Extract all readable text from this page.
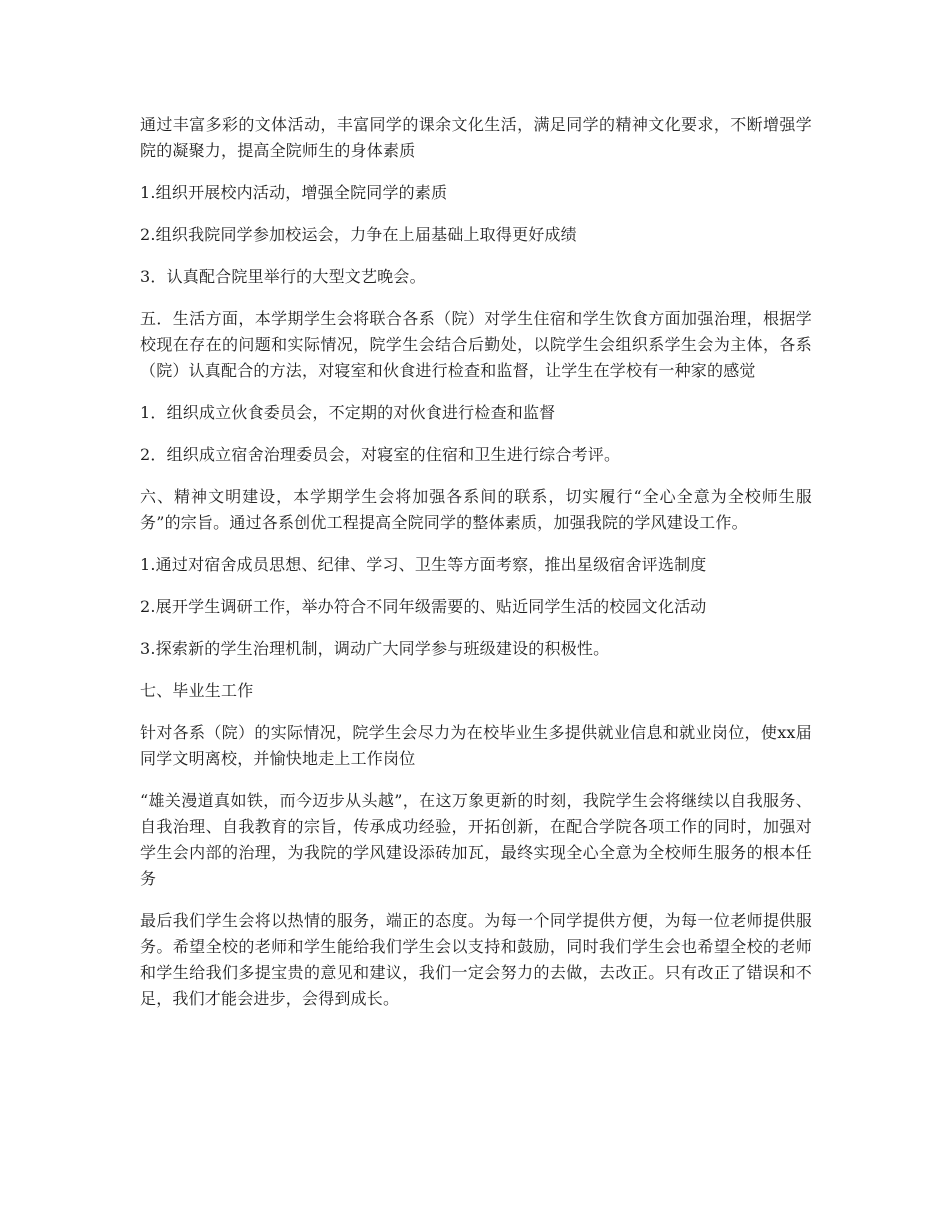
通过丰富多彩的文体活动，丰富同学的课余文化生活，满足同学的精神文化要求，不断增强学院的凝聚力，提高全院师生的身体素质

1.组织开展校内活动，增强全院同学的素质

2.组织我院同学参加校运会，力争在上届基础上取得更好成绩

3．认真配合院里举行的大型文艺晚会。

五．生活方面，本学期学生会将联合各系（院）对学生住宿和学生饮食方面加强治理，根据学校现在存在的问题和实际情况，院学生会结合后勤处，以院学生会组织系学生会为主体，各系（院）认真配合的方法，对寝室和伙食进行检查和监督，让学生在学校有一种家的感觉

1．组织成立伙食委员会，不定期的对伙食进行检查和监督

2．组织成立宿舍治理委员会，对寝室的住宿和卫生进行综合考评。

六、精神文明建设，本学期学生会将加强各系间的联系，切实履行“全心全意为全校师生服务”的宗旨。通过各系创优工程提高全院同学的整体素质，加强我院的学风建设工作。

1.通过对宿舍成员思想、纪律、学习、卫生等方面考察，推出星级宿舍评选制度

2.展开学生调研工作，举办符合不同年级需要的、贴近同学生活的校园文化活动

3.探索新的学生治理机制，调动广大同学参与班级建设的积极性。

七、毕业生工作

针对各系（院）的实际情况，院学生会尽力为在校毕业生多提供就业信息和就业岗位，使xx届同学文明离校，并愉快地走上工作岗位

“雄关漫道真如铁，而今迈步从头越”，在这万象更新的时刻，我院学生会将继续以自我服务、自我治理、自我教育的宗旨，传承成功经验，开拓创新，在配合学院各项工作的同时，加强对学生会内部的治理，为我院的学风建设添砖加瓦，最终实现全心全意为全校师生服务的根本任务

最后我们学生会将以热情的服务，端正的态度。为每一个同学提供方便，为每一位老师提供服务。希望全校的老师和学生能给我们学生会以支持和鼓励，同时我们学生会也希望全校的老师和学生给我们多提宝贵的意见和建议，我们一定会努力的去做，去改正。只有改正了错误和不足，我们才能会进步，会得到成长。
